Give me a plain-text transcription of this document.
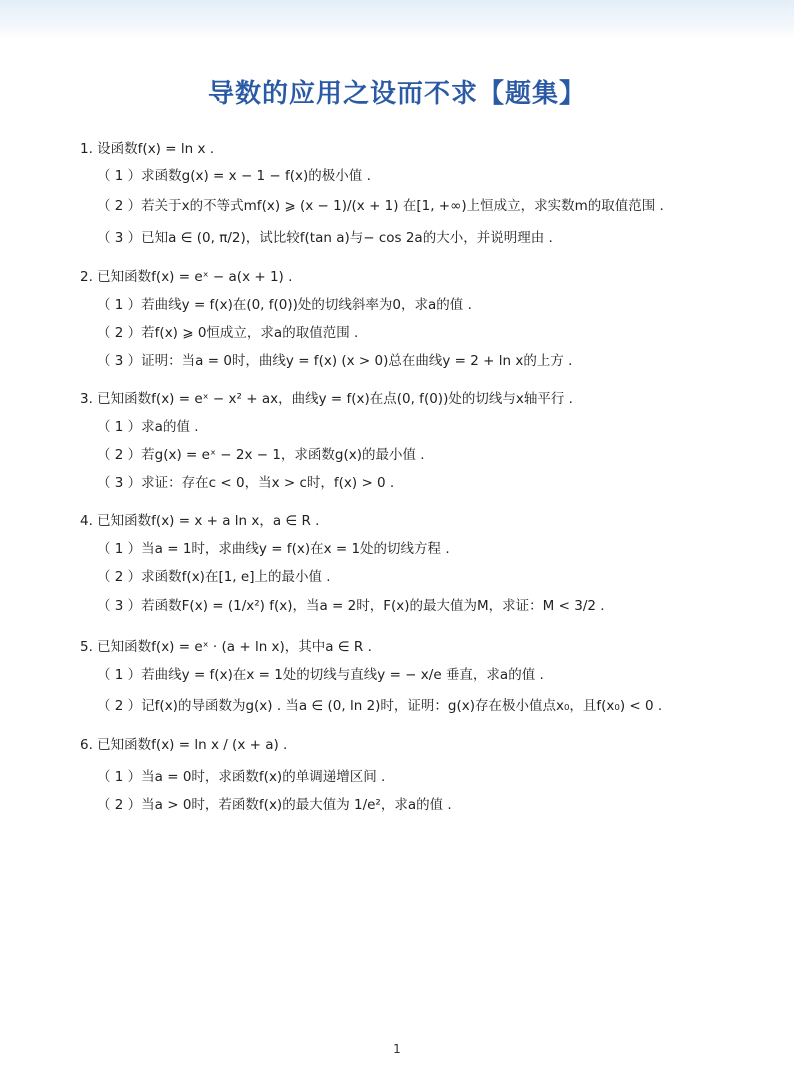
导数的应用之设而不求【题集】
1. 设函数f(x) = ln x .
（ 1 ）求函数g(x) = x − 1 − f(x)的极小值 .
（ 2 ）若关于x的不等式mf(x) ⩾ (x − 1)/(x + 1) 在[1, +∞)上恒成立，求实数m的取值范围 .
（ 3 ）已知a ∈ (0, π/2)，试比较f(tan a)与− cos 2a的大小，并说明理由 .
2. 已知函数f(x) = eˣ − a(x + 1) .
（ 1 ）若曲线y = f(x)在(0, f(0))处的切线斜率为0，求a的值 .
（ 2 ）若f(x) ⩾ 0恒成立，求a的取值范围 .
（ 3 ）证明：当a = 0时，曲线y = f(x) (x > 0)总在曲线y = 2 + ln x的上方 .
3. 已知函数f(x) = eˣ − x² + ax，曲线y = f(x)在点(0, f(0))处的切线与x轴平行 .
（ 1 ）求a的值 .
（ 2 ）若g(x) = eˣ − 2x − 1，求函数g(x)的最小值 .
（ 3 ）求证：存在c < 0，当x > c时，f(x) > 0 .
4. 已知函数f(x) = x + a ln x，a ∈ R .
（ 1 ）当a = 1时，求曲线y = f(x)在x = 1处的切线方程 .
（ 2 ）求函数f(x)在[1, e]上的最小值 .
（ 3 ）若函数F(x) = (1/x²) f(x)，当a = 2时，F(x)的最大值为M，求证：M < 3/2 .
5. 已知函数f(x) = eˣ · (a + ln x)，其中a ∈ R .
（ 1 ）若曲线y = f(x)在x = 1处的切线与直线y = − x/e 垂直，求a的值 .
（ 2 ）记f(x)的导函数为g(x) . 当a ∈ (0, ln 2)时，证明：g(x)存在极小值点x₀，且f(x₀) < 0 .
6. 已知函数f(x) = ln x / (x + a) .
（ 1 ）当a = 0时，求函数f(x)的单调递增区间 .
（ 2 ）当a > 0时，若函数f(x)的最大值为 1/e²，求a的值 .
1
